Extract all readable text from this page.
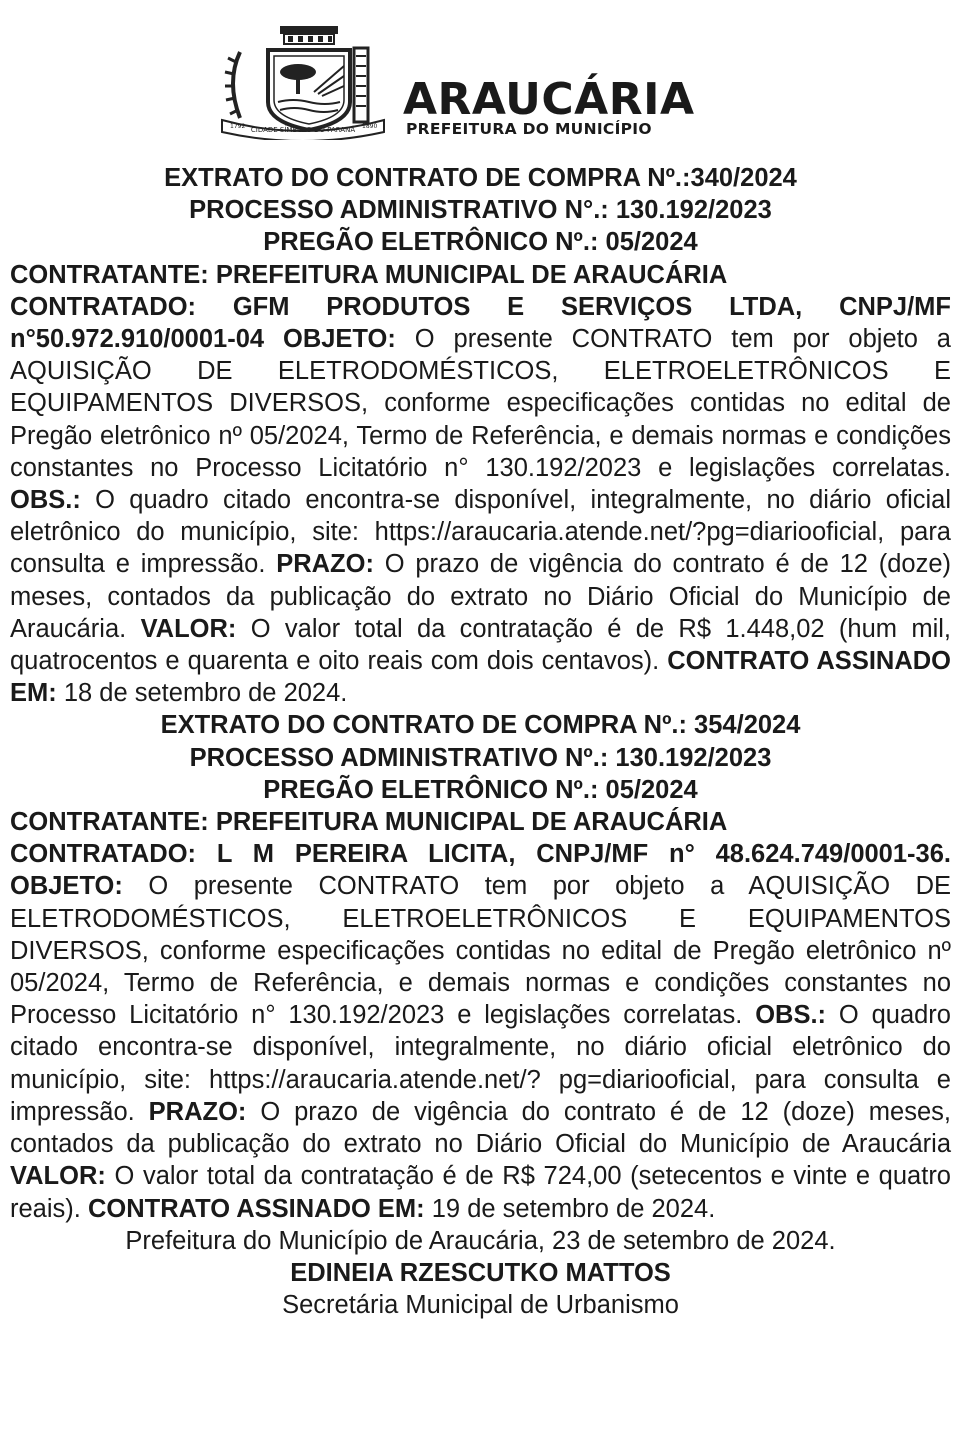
CIDADE SÍMBOLO DO PARANÁ
1792	1890
ARAUCÁRIA
PREFEITURA DO MUNICÍPIO

EXTRATO DO CONTRATO DE COMPRA Nº.:340/2024

PROCESSO ADMINISTRATIVO N°.: 130.192/2023

PREGÃO ELETRÔNICO Nº.: 05/2024

CONTRATANTE: PREFEITURA MUNICIPAL DE ARAUCÁRIA

CONTRATADO: GFM PRODUTOS E SERVIÇOS LTDA, CNPJ/MF n°50.972.910/0001-04 OBJETO: O presente CONTRATO tem por objeto a AQUISIÇÃO DE ELETRODOMÉSTICOS, ELETROELETRÔNICOS E EQUIPAMENTOS DIVERSOS, conforme especificações contidas no edital de Pregão eletrônico nº 05/2024, Termo de Referência, e demais normas e condições constantes no Processo Licitatório n° 130.192/2023 e legislações correlatas. OBS.: O quadro citado encontra-se disponível, integralmente, no diário oficial eletrônico do município, site: https://araucaria.atende.net/?pg=diariooficial, para consulta e impressão. PRAZO: O prazo de vigência do contrato é de 12 (doze) meses, contados da publicação do extrato no Diário Oficial do Município de Araucária. VALOR: O valor total da contratação é de R$ 1.448,02 (hum mil, quatrocentos e quarenta e oito reais com dois centavos). CONTRATO ASSINADO EM: 18 de setembro de 2024.

EXTRATO DO CONTRATO DE COMPRA Nº.: 354/2024

PROCESSO ADMINISTRATIVO Nº.: 130.192/2023

PREGÃO ELETRÔNICO Nº.: 05/2024

CONTRATANTE: PREFEITURA MUNICIPAL DE ARAUCÁRIA

CONTRATADO: L M PEREIRA LICITA, CNPJ/MF n° 48.624.749/0001-36. OBJETO: O presente CONTRATO tem por objeto a AQUISIÇÃO DE ELETRODOMÉSTICOS, ELETROELETRÔNICOS E EQUIPAMENTOS DIVERSOS, conforme especificações contidas no edital de Pregão eletrônico nº 05/2024, Termo de Referência, e demais normas e condições constantes no Processo Licitatório n° 130.192/2023 e legislações correlatas. OBS.: O quadro citado encontra-se disponível, integralmente, no diário oficial eletrônico do município, site: https://araucaria.atende.net/? pg=diariooficial, para consulta e impressão. PRAZO: O prazo de vigência do contrato é de 12 (doze) meses, contados da publicação do extrato no Diário Oficial do Município de Araucária VALOR: O valor total da contratação é de R$ 724,00 (setecentos e vinte e quatro reais). CONTRATO ASSINADO EM: 19 de setembro de 2024.

Prefeitura do Município de Araucária, 23 de setembro de 2024.

EDINEIA RZESCUTKO MATTOS

Secretária Municipal de Urbanismo
